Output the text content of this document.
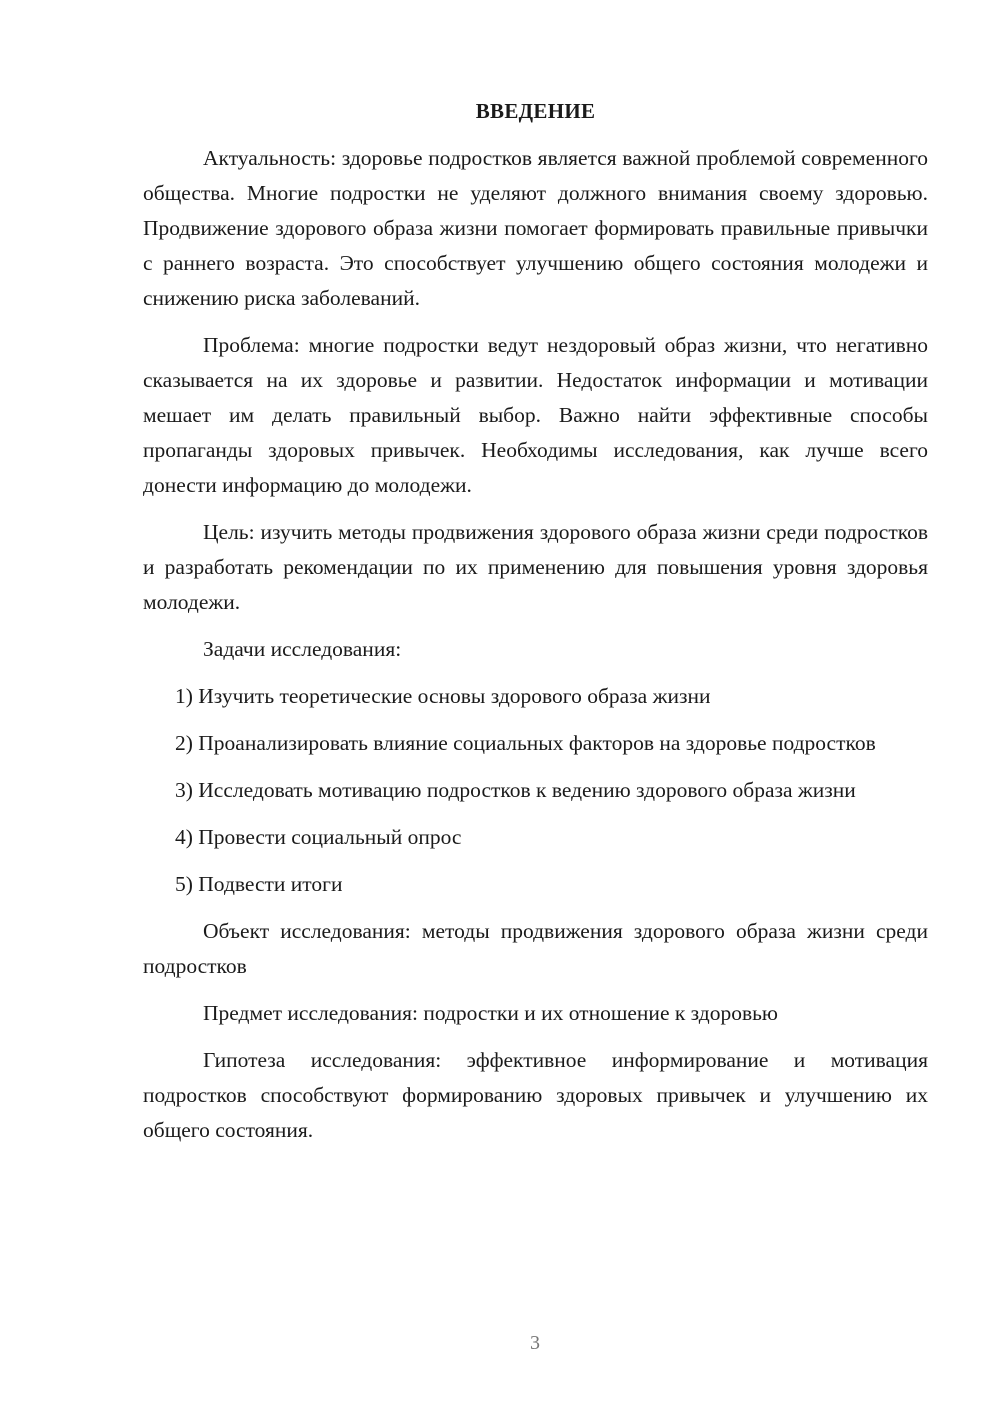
ВВЕДЕНИЕ

Актуальность: здоровье подростков является важной проблемой современного общества. Многие подростки не уделяют должного внимания своему здоровью. Продвижение здорового образа жизни помогает формировать правильные привычки с раннего возраста. Это способствует улучшению общего состояния молодежи и снижению риска заболеваний.

Проблема: многие подростки ведут нездоровый образ жизни, что негативно сказывается на их здоровье и развитии. Недостаток информации и мотивации мешает им делать правильный выбор. Важно найти эффективные способы пропаганды здоровых привычек. Необходимы исследования, как лучше всего донести информацию до молодежи.

Цель: изучить методы продвижения здорового образа жизни среди подростков и разработать рекомендации по их применению для повышения уровня здоровья молодежи.

Задачи исследования:

1) Изучить теоретические основы здорового образа жизни

2) Проанализировать влияние социальных факторов на здоровье подростков

3) Исследовать мотивацию подростков к ведению здорового образа жизни

4) Провести социальный опрос

5) Подвести итоги

Объект исследования: методы продвижения здорового образа жизни среди подростков

Предмет исследования: подростки и их отношение к здоровью

Гипотеза исследования: эффективное информирование и мотивация подростков способствуют формированию здоровых привычек и улучшению их общего состояния.

3
